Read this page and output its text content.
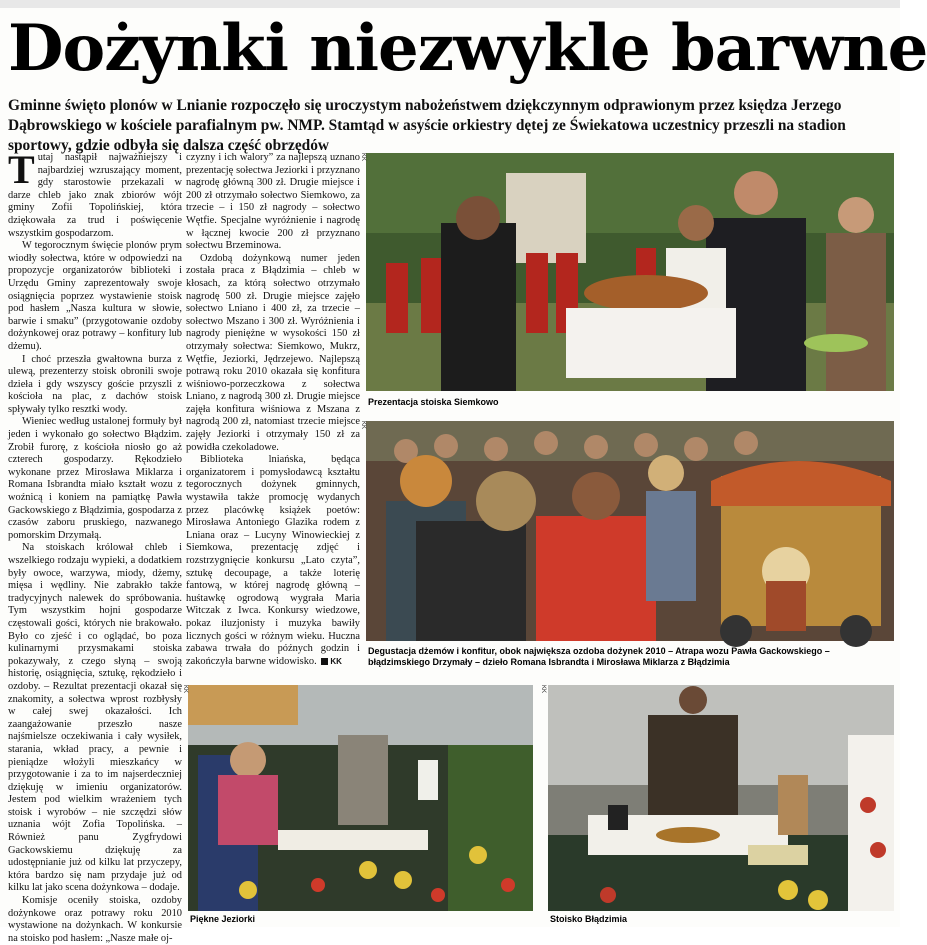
Dożynki niezwykle barwne

Gminne święto plonów w Lnianie rozpoczęło się uroczystym nabożeństwem dziękczynnym odprawionym przez księdza Jerzego Dąbrowskiego w kościele parafialnym pw. NMP. Stamtąd w asyście orkiestry dętej ze Świekatowa uczestnicy przeszli na stadion sportowy, gdzie odbyła się dalsza część obrzędów

Tutaj nastąpił najważniejszy i najbardziej wzruszający moment, gdy starostowie przekazali w darze chleb jako znak zbiorów wójt gminy Zofii Topolińskiej, która dziękowała za trud i poświęcenie wszystkim gospodarzom.

W tegorocznym święcie plonów prym wiodły sołectwa, które w odpowiedzi na propozycje organizatorów biblioteki i Urzędu Gminy zaprezentowały swoje osiągnięcia poprzez wystawienie stoisk pod hasłem „Nasza kultura w słowie, barwie i smaku” (przygotowanie ozdoby dożynkowej oraz potrawy – konfitury lub dżemu).

I choć przeszła gwałtowna burza z ulewą, prezenterzy stoisk obronili swoje dzieła i gdy wszyscy goście przyszli z kościoła na plac, z dachów stoisk spływały tylko resztki wody.

Wieniec według ustalonej formuły był jeden i wykonało go sołectwo Błądzim. Zrobił furorę, z kościoła niosło go aż czterech gospodarzy. Rękodzieło wykonane przez Mirosława Miklarza i Romana Isbrandta miało kształt wozu z woźnicą i koniem na pamiątkę Pawła Gackowskiego z Błądzimia, gospodarza z czasów zaboru pruskiego, nazwanego pomorskim Drzymałą.

Na stoiskach królował chleb i wszelkiego rodzaju wypieki, a dodatkiem były owoce, warzywa, miody, dżemy, mięsa i wędliny. Nie zabrakło także tradycyjnych nalewek do spróbowania. Tym wszystkim hojni gospodarze częstowali gości, których nie brakowało. Było co zjeść i co oglądać, bo poza kulinarnymi przysmakami stoiska pokazywały, z czego słyną – swoją historię, osiągnięcia, sztukę, rękodzieło i ozdoby. – Rezultat prezentacji okazał się znakomity, a sołectwa wprost rozbłysły w całej swej okazałości. Ich zaangażowanie przeszło nasze najśmielsze oczekiwania i cały wysiłek, starania, wkład pracy, a pewnie i pieniądze włożyli mieszkańcy w przygotowanie i za to im najserdeczniej dziękuję w imieniu organizatorów. Jestem pod wielkim wrażeniem tych stoisk i wyrobów – nie szczędzi słów uznania wójt Zofia Topolińska. – Również panu Zygfrydowi Gackowskiemu dziękuję za udostępnianie już od kilku lat przyczepy, która bardzo się nam przydaje już od kilku lat jako scena dożynkowa – dodaje.

Komisje oceniły stoiska, ozdoby dożynkowe oraz potrawy roku 2010 wystawione na dożynkach. W konkursie na stoisko pod hasłem: „Nasze małe oj-

czyzny i ich walory” za najlepszą uznano prezentację sołectwa Jeziorki i przyznano nagrodę główną 300 zł. Drugie miejsce i 200 zł otrzymało sołectwo Siemkowo, za trzecie – i 150 zł nagrody – sołectwo Wętfie. Specjalne wyróżnienie i nagrodę w łącznej kwocie 200 zł przyznano sołectwu Brzeminowa.

Ozdobą dożynkową numer jeden została praca z Błądzimia – chleb w kłosach, za którą sołectwo otrzymało nagrodę 500 zł. Drugie miejsce zajęło sołectwo Lniano i 400 zł, za trzecie – sołectwo Mszano i 300 zł. Wyróżnienia i nagrody pieniężne w wysokości 150 zł otrzymały sołectwa: Siemkowo, Mukrz, Wętfie, Jeziorki, Jędrzejewo. Najlepszą potrawą roku 2010 okazała się konfitura wiśniowo-porzeczkowa z sołectwa Lniano, z nagrodą 300 zł. Drugie miejsce zajęła konfitura wiśniowa z Mszana z nagrodą 200 zł, natomiast trzecie miejsce zajęły Jeziorki i otrzymały 150 zł za powidła czekoladowe.

Biblioteka lniańska, będąca organizatorem i pomysłodawcą kształtu tegorocznych dożynek gminnych, wystawiła także promocję wydanych przez placówkę książek poetów: Mirosława Antoniego Glazika rodem z Lniana oraz – Lucyny Winowieckiej z Siemkowa, prezentację zdjęć i rozstrzygnięcie konkursu „Lato czyta”, sztukę decoupage, a także loterię fantową, w której nagrodę główną – huśtawkę ogrodową wygrała Maria Witczak z Iwca. Konkursy wiedzowe, pokaz iluzjonisty i muzyka bawiły licznych gości w różnym wieku. Huczna zabawa trwała do późnych godzin i zakończyła barwne widowisko. KK

Prezentacja stoiska Siemkowo
Degustacja dżemów i konfitur, obok największa ozdoba dożynek 2010 – Atrapa wozu Pawła Gackowskiego – błądzimskiego Drzymały – dzieło Romana Isbrandta i Mirosława Miklarza z Błądzimia
Piękne Jeziorki	Stoisko Błądzimia
KK
KK
KK	KK
